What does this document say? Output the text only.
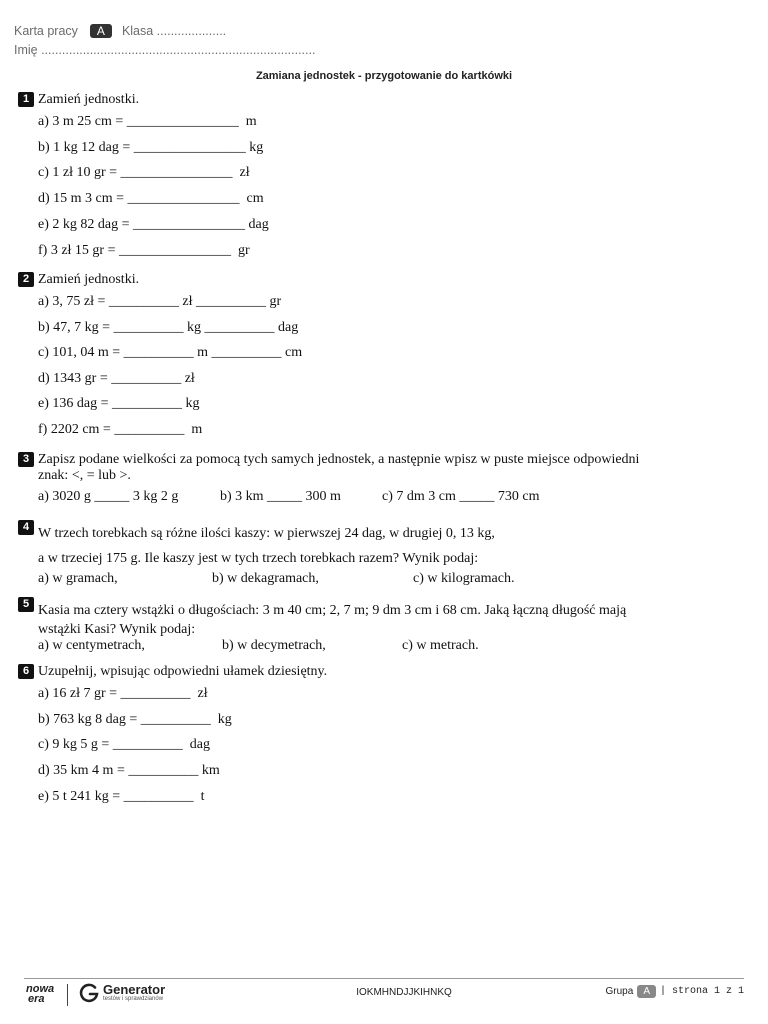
Karta pracy	A	Klasa ....................
Imię ...............................................................................
Zamiana jednostek - przygotowanie do kartkówki
1 Zamień jednostki.
a) 3 m 25 cm = ________________  m
b) 1 kg 12 dag = ________________ kg
c) 1 zł 10 gr = ________________  zł
d) 15 m 3 cm = ________________  cm
e) 2 kg 82 dag = ________________ dag
f) 3 zł 15 gr = ________________  gr
2 Zamień jednostki.
a) 3, 75 zł = __________ zł __________ gr
b) 47, 7 kg = __________ kg __________ dag
c) 101, 04 m = __________ m __________ cm
d) 1343 gr = __________ zł
e) 136 dag = __________ kg
f) 2202 cm = __________  m
3 Zapisz podane wielkości za pomocą tych samych jednostek, a następnie wpisz w puste miejsce odpowiedni znak: <, = lub >.
a) 3020 g _____ 3 kg 2 g	b) 3 km _____ 300 m	c) 7 dm 3 cm _____ 730 cm
4 W trzech torebkach są różne ilości kaszy: w pierwszej 24 dag, w drugiej 0, 13 kg,
a w trzeciej 175 g. Ile kaszy jest w tych trzech torebkach razem? Wynik podaj:
a) w gramach,	b) w dekagramach,	c) w kilogramach.
5 Kasia ma cztery wstążki o długościach: 3 m 40 cm; 2, 7 m; 9 dm 3 cm i 68 cm. Jaką łączną długość mają
wstążki Kasi? Wynik podaj:
a) w centymetrach,	b) w decymetrach,	c) w metrach.
6 Uzupełnij, wpisując odpowiedni ułamek dziesiętny.
a) 16 zł 7 gr = __________  zł
b) 763 kg 8 dag = __________  kg
c) 9 kg 5 g = __________  dag
d) 35 km 4 m = __________ km
e) 5 t 241 kg = __________  t
nowa
era
Generator
testów i sprawdzianów
IOKMHNDJJKIHNKQ	Grupa	A	| strona 1 z 1
